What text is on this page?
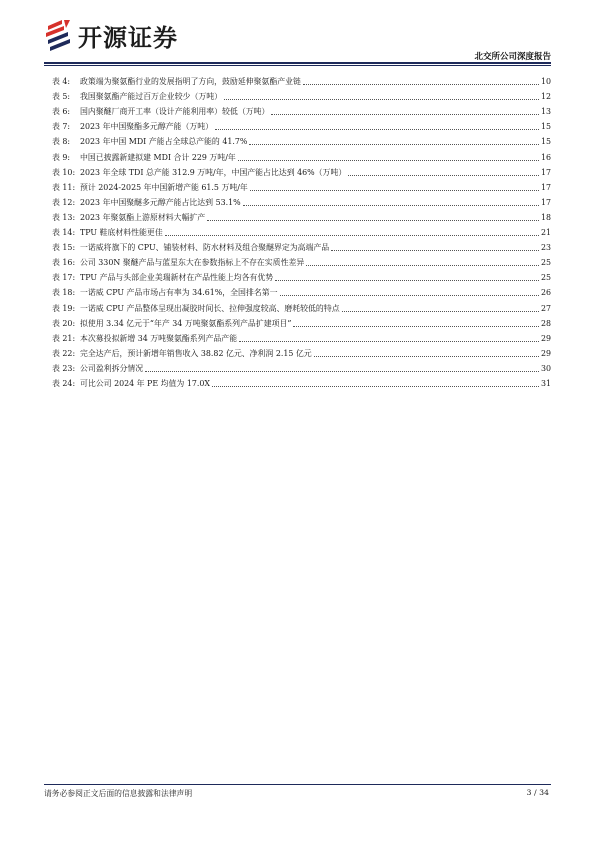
开源证券
北交所公司深度报告
表 4:	政策端为聚氨酯行业的发展指明了方向，鼓励延伸聚氨酯产业链	10
表 5:	我国聚氨酯产能过百万企业较少（万吨）	12
表 6:	国内聚醚厂商开工率（设计产能利用率）较低（万吨）	13
表 7:	2023 年中国聚酯多元醇产能（万吨）	15
表 8:	2023 年中国 MDI 产能占全球总产能的 41.7%	15
表 9:	中国已披露新建拟建 MDI 合计 229 万吨/年	16
表 10: 2023 年全球 TDI 总产能 312.9 万吨/年，中国产能占比达到 46%（万吨）	17
表 11: 预计 2024-2025 年中国新增产能 61.5 万吨/年	17
表 12: 2023 年中国聚醚多元醇产能占比达到 53.1%	17
表 13: 2023 年聚氨酯上游原材料大幅扩产	18
表 14: TPU 鞋底材料性能更佳	21
表 15: 一诺威将旗下的 CPU、铺装材料、防水材料及组合聚醚界定为高端产品	23
表 16: 公司 330N 聚醚产品与蓝星东大在参数指标上不存在实质性差异	25
表 17: TPU 产品与头部企业美瑞新材在产品性能上均各有优势	25
表 18: 一诺威 CPU 产品市场占有率为 34.61%，全国排名第一	26
表 19: 一诺威 CPU 产品整体呈现出凝胶时间长、拉伸强度较高、磨耗较低的特点	27
表 20: 拟使用 3.34 亿元于“年产 34 万吨聚氨酯系列产品扩建项目”	28
表 21: 本次募投拟新增 34 万吨聚氨酯系列产品产能	29
表 22: 完全达产后，预计新增年销售收入 38.82 亿元、净利润 2.15 亿元	29
表 23: 公司盈利拆分情况	30
表 24: 可比公司 2024 年 PE 均值为 17.0X	31
请务必参阅正文后面的信息披露和法律声明	3 / 34
